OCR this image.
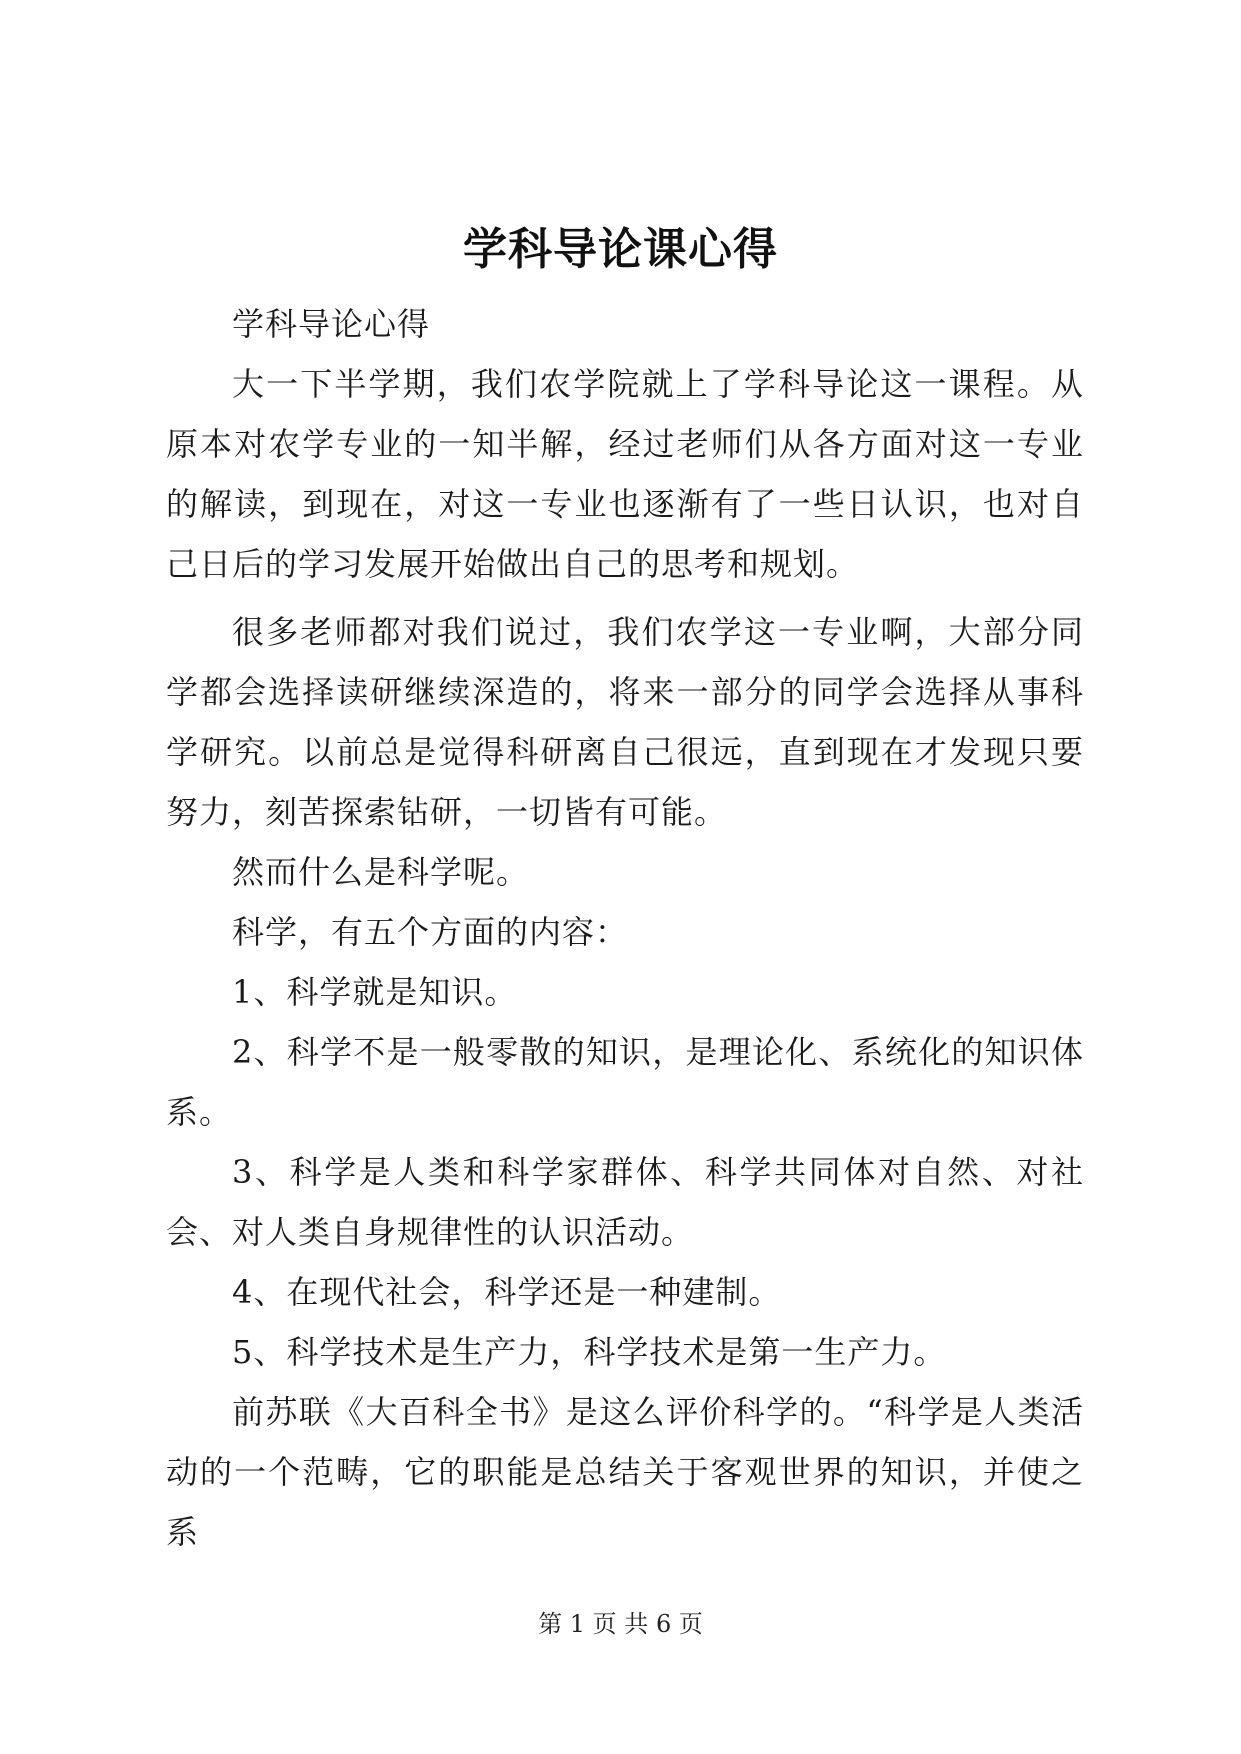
学科导论课心得

学科导论心得

大一下半学期，我们农学院就上了学科导论这一课程。从原本对农学专业的一知半解，经过老师们从各方面对这一专业的解读，到现在，对这一专业也逐渐有了一些日认识，也对自己日后的学习发展开始做出自己的思考和规划。

很多老师都对我们说过，我们农学这一专业啊，大部分同学都会选择读研继续深造的，将来一部分的同学会选择从事科学研究。以前总是觉得科研离自己很远，直到现在才发现只要努力，刻苦探索钻研，一切皆有可能。

然而什么是科学呢。

科学，有五个方面的内容：

1、科学就是知识。

2、科学不是一般零散的知识，是理论化、系统化的知识体系。

3、科学是人类和科学家群体、科学共同体对自然、对社会、对人类自身规律性的认识活动。

4、在现代社会，科学还是一种建制。

5、科学技术是生产力，科学技术是第一生产力。

前苏联《大百科全书》是这么评价科学的。“科学是人类活动的一个范畴，它的职能是总结关于客观世界的知识，并使之系

第 1 页 共 6 页
